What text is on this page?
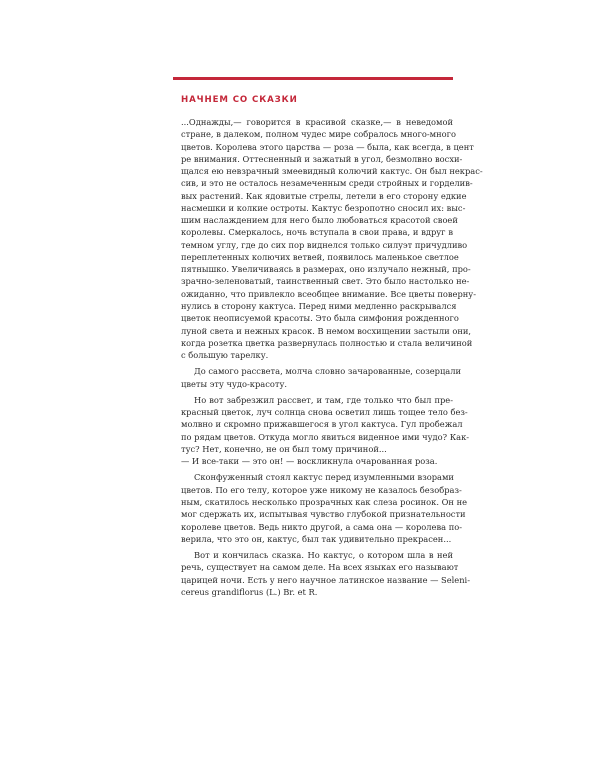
НАЧНЕМ СО СКАЗКИ
...Однажды,— говорится в красивой сказке,— в неведомой
стране, в далеком, полном чудес мире собралось много-много
цветов. Королева этого царства — роза — была, как всегда, в цент
ре внимания. Оттесненный и зажатый в угол, безмолвно восхи-
щался ею невзрачный змеевидный колючий кактус. Он был некрас-
сив, и это не осталось незамеченным среди стройных и горделив-
вых растений. Как ядовитые стрелы, летели в его сторону едкие
насмешки и колкие остроты. Кактус безропотно сносил их: выс-
шим наслаждением для него было любоваться красотой своей
королевы. Смеркалось, ночь вступала в свои права, и вдруг в
темном углу, где до сих пор виднелся только силуэт причудливо
переплетенных колючих ветвей, появилось маленькое светлое
пятнышко. Увеличиваясь в размерах, оно излучало нежный, про-
зрачно-зеленоватый, таинственный свет. Это было настолько не-
ожиданно, что привлекло всеобщее внимание. Все цветы поверну-
нулись в сторону кактуса. Перед ними медленно раскрывался
цветок неописуемой красоты. Это была симфония рожденного
луной света и нежных красок. В немом восхищении застыли они,
когда розетка цветка развернулась полностью и стала величиной
с большую тарелку.
До самого рассвета, молча словно зачарованные, созерцали
цветы эту чудо-красоту.
Но вот забрезжил рассвет, и там, где только что был пре-
красный цветок, луч солнца снова осветил лишь тощее тело без-
молвно и скромно прижавшегося в угол кактуса. Гул пробежал
по рядам цветов. Откуда могло явиться виденное ими чудо? Как-
тус? Нет, конечно, не он был тому причиной...
— И все-таки — это он! — воскликнула очарованная роза.
Сконфуженный стоял кактус перед изумленными взорами
цветов. По его телу, которое уже никому не казалось безобраз-
ным, скатилось несколько прозрачных как слеза росинок. Он не
мог сдержать их, испытывая чувство глубокой признательности
королеве цветов. Ведь никто другой, а сама она — королева по-
верила, что это он, кактус, был так удивительно прекрасен...
Вот и кончилась сказка. Но кактус, о котором шла в ней
речь, существует на самом деле. На всех языках его называют
царицей ночи. Есть у него научное латинское название — Seleni-
cereus grandiflorus (L.) Br. et R.
